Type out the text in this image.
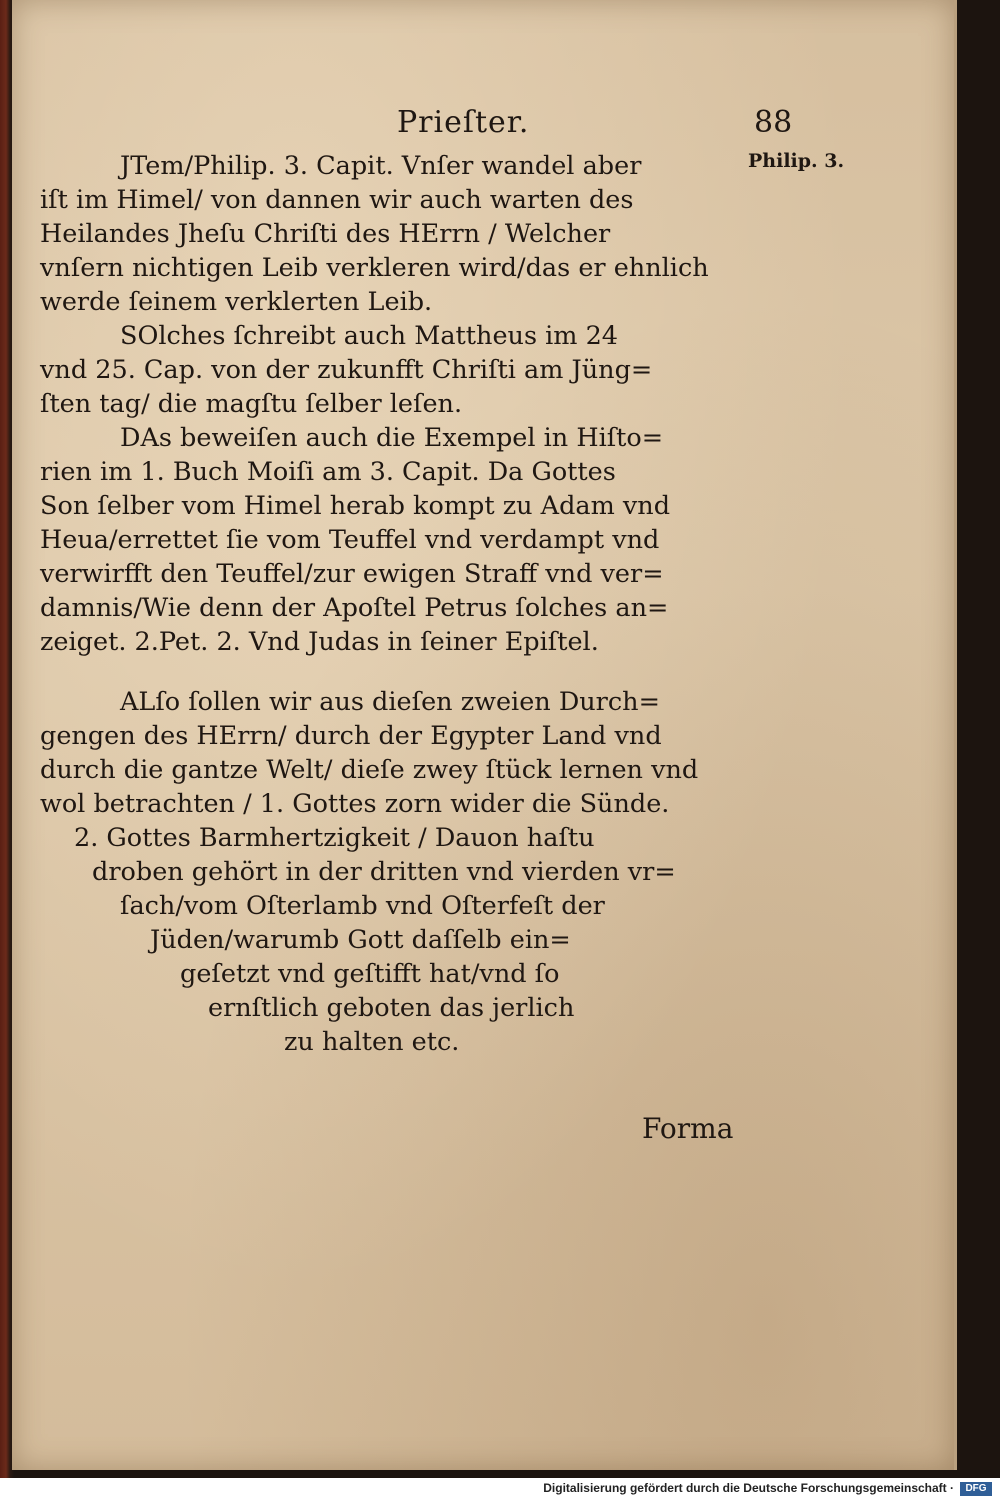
Prieſter.	88
Philip. 3.
JTem/Philip. 3. Capit. Vnſer wandel aber
iſt im Himel/ von dannen wir auch warten des
Heilandes Jheſu Chriſti des HErrn / Welcher
vnſern nichtigen Leib verkleren wird/das er ehnlich
werde ſeinem verklerten Leib.
SOlches ſchreibt auch Mattheus im 24
vnd 25. Cap. von der zukunfft Chriſti am Jüng=
ſten tag/ die magſtu ſelber leſen.
DAs beweiſen auch die Exempel in Hiſto=
rien im 1. Buch Moiſi am 3. Capit. Da Gottes
Son ſelber vom Himel herab kompt zu Adam vnd
Heua/errettet ſie vom Teuffel vnd verdampt vnd
verwirfft den Teuffel/zur ewigen Straff vnd ver=
damnis/Wie denn der Apoſtel Petrus ſolches an=
zeiget. 2.Pet. 2. Vnd Judas in ſeiner Epiſtel.
ALſo ſollen wir aus dieſen zweien Durch=
gengen des HErrn/ durch der Egypter Land vnd
durch die gantze Welt/ dieſe zwey ſtück lernen vnd
wol betrachten / 1. Gottes zorn wider die Sünde.
2. Gottes Barmhertzigkeit / Dauon haſtu
droben gehört in der dritten vnd vierden vr=
ſach/vom Oſterlamb vnd Oſterfeſt der
Jüden/warumb Gott daſſelb ein=
geſetzt vnd geſtifft hat/vnd ſo
ernſtlich geboten das jerlich
zu halten etc.
Forma
Digitalisierung gefördert durch die Deutsche Forschungsgemeinschaft ·	DFG
